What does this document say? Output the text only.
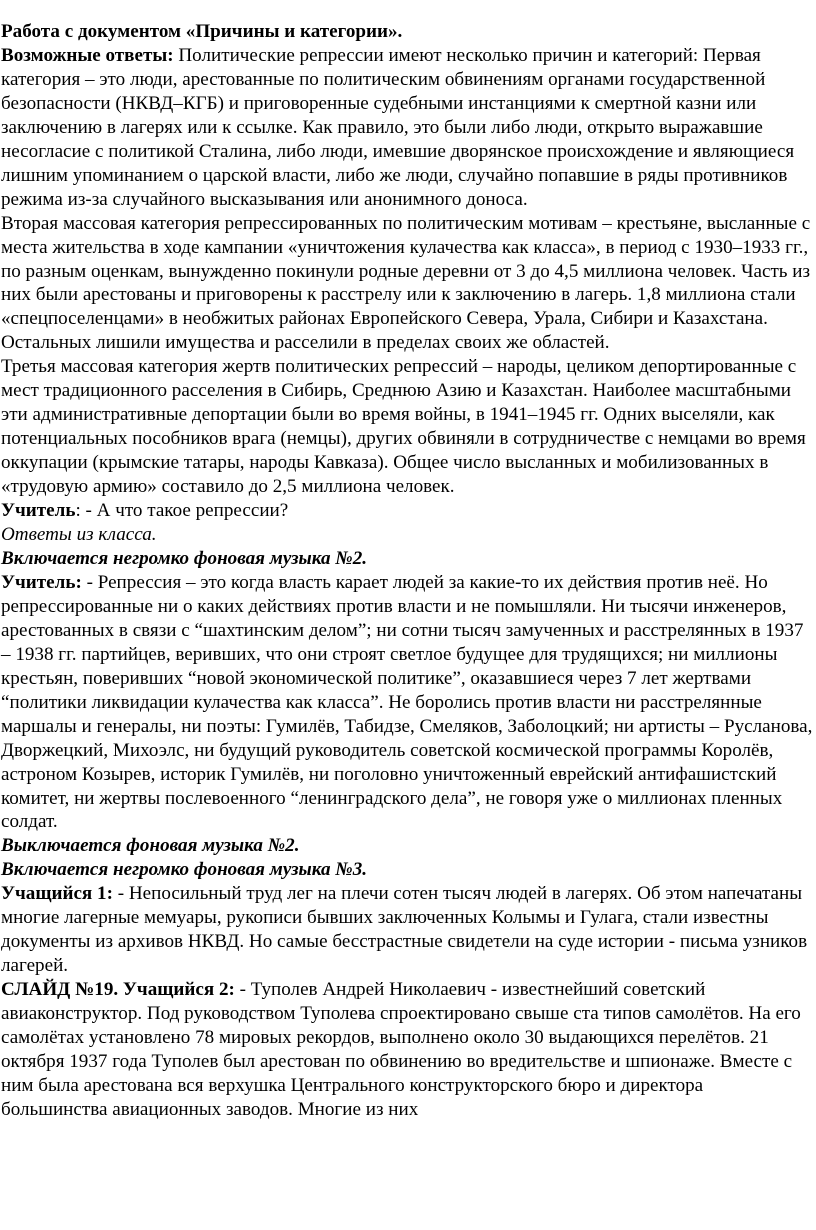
Работа с документом «Причины и категории».

Возможные ответы: Политические репрессии имеют несколько причин и категорий: Первая категория – это люди, арестованные по политическим обвинениям органами государственной безопасности (НКВД–КГБ) и приговоренные судебными инстанциями к смертной казни или заключению в лагерях или к ссылке. Как правило, это были либо люди, открыто выражавшие несогласие с политикой Сталина, либо люди, имевшие дворянское происхождение и являющиеся лишним упоминанием о царской власти, либо же люди, случайно попавшие в ряды противников режима из-за случайного высказывания или анонимного доноса.

Вторая массовая категория репрессированных по политическим мотивам – крестьяне, высланные с места жительства в ходе кампании «уничтожения кулачества как класса», в период с 1930–1933 гг., по разным оценкам, вынужденно покинули родные деревни от 3 до 4,5 миллиона человек. Часть из них были арестованы и приговорены к расстрелу или к заключению в лагерь. 1,8 миллиона стали «спецпоселенцами» в необжитых районах Европейского Севера, Урала, Сибири и Казахстана. Остальных лишили имущества и расселили в пределах своих же областей.

Третья массовая категория жертв политических репрессий – народы, целиком депортированные с мест традиционного расселения в Сибирь, Среднюю Азию и Казахстан. Наиболее масштабными эти административные депортации были во время войны, в 1941–1945 гг. Одних выселяли, как потенциальных пособников врага (немцы), других обвиняли в сотрудничестве с немцами во время оккупации (крымские татары, народы Кавказа). Общее число высланных и мобилизованных в «трудовую армию» составило до 2,5 миллиона человек.

Учитель: - А что такое репрессии?

Ответы из класса.

Включается негромко фоновая музыка №2.

Учитель: - Репрессия – это когда власть карает людей за какие-то их действия против неё. Но репрессированные ни о каких действиях против власти и не помышляли. Ни тысячи инженеров, арестованных в связи с “шахтинским делом”; ни сотни тысяч замученных и расстрелянных в 1937 – 1938 гг. партийцев, веривших, что они строят светлое будущее для трудящихся; ни миллионы крестьян, поверивших “новой экономической политике”, оказавшиеся через 7 лет жертвами “политики ликвидации кулачества как класса”. Не боролись против власти ни расстрелянные маршалы и генералы, ни поэты: Гумилёв, Табидзе, Смеляков, Заболоцкий; ни артисты – Русланова, Дворжецкий, Михоэлс, ни будущий руководитель советской космической программы Королёв, астроном Козырев, историк Гумилёв, ни поголовно уничтоженный еврейский антифашистский комитет, ни жертвы послевоенного “ленинградского дела”, не говоря уже о миллионах пленных солдат.

Выключается фоновая музыка №2.

Включается негромко фоновая музыка №3.

Учащийся 1: - Непосильный труд лег на плечи сотен тысяч людей в лагерях. Об этом напечатаны многие лагерные мемуары, рукописи бывших заключенных Колымы и Гулага, стали известны документы из архивов НКВД. Но самые бесстрастные свидетели на суде истории - письма узников лагерей.

СЛАЙД №19. Учащийся 2: - Туполев Андрей Николаевич - известнейший советский авиаконструктор. Под руководством Туполева спроектировано свыше ста типов самолётов. На его самолётах установлено 78 мировых рекордов, выполнено около 30 выдающихся перелётов. 21 октября 1937 года Туполев был арестован по обвинению во вредительстве и шпионаже. Вместе с ним была арестована вся верхушка Центрального конструкторского бюро и директора большинства авиационных заводов. Многие из них
